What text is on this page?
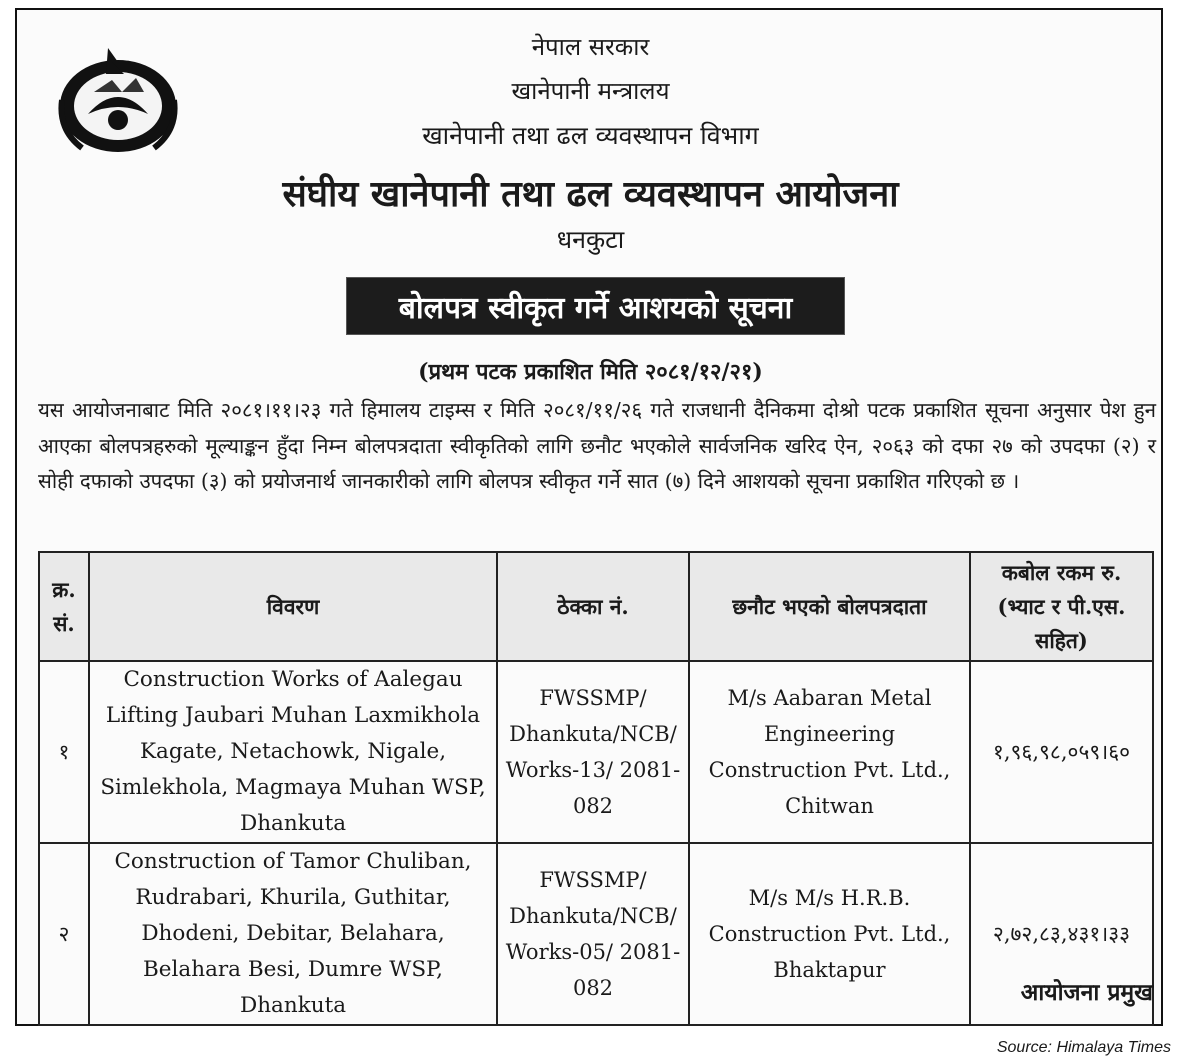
नेपाल सरकार
खानेपानी मन्त्रालय
खानेपानी तथा ढल व्यवस्थापन विभाग
संघीय खानेपानी तथा ढल व्यवस्थापन आयोजना
धनकुटा
बोलपत्र स्वीकृत गर्ने आशयको सूचना
(प्रथम पटक प्रकाशित मिति २०८१/१२/२१)
यस आयोजनाबाट मिति २०८१।११।२३ गते हिमालय टाइम्स र मिति २०८१/११/२६ गते राजधानी दैनिकमा दोश्रो पटक प्रकाशित सूचना अनुसार पेश हुन आएका बोलपत्रहरुको मूल्याङ्कन हुँदा निम्न बोलपत्रदाता स्वीकृतिको लागि छनौट भएकोले सार्वजनिक खरिद ऐन, २०६३ को दफा २७ को उपदफा (२) र सोही दफाको उपदफा (३) को प्रयोजनार्थ जानकारीको लागि बोलपत्र स्वीकृत गर्ने सात (७) दिने आशयको सूचना प्रकाशित गरिएको छ ।
क्र. सं.	विवरण	ठेक्का नं.	छनौट भएको बोलपत्रदाता	कबोल रकम रु. (भ्याट र पी.एस. सहित)
१	Construction Works of Aalegau Lifting Jaubari Muhan Laxmikhola Kagate, Netachowk, Nigale, Simlekhola, Magmaya Muhan WSP, Dhankuta	FWSSMP/ Dhankuta/NCB/ Works-13/ 2081-082	M/s Aabaran Metal Engineering Construction Pvt. Ltd., Chitwan	१,९६,९८,०५९।६०
२	Construction of Tamor Chuliban, Rudrabari, Khurila, Guthitar, Dhodeni, Debitar, Belahara, Belahara Besi, Dumre WSP, Dhankuta	FWSSMP/ Dhankuta/NCB/ Works-05/ 2081-082	M/s M/s H.R.B. Construction Pvt. Ltd., Bhaktapur	२,७२,८३,४३१।३३
आयोजना प्रमुख
Source: Himalaya Times
